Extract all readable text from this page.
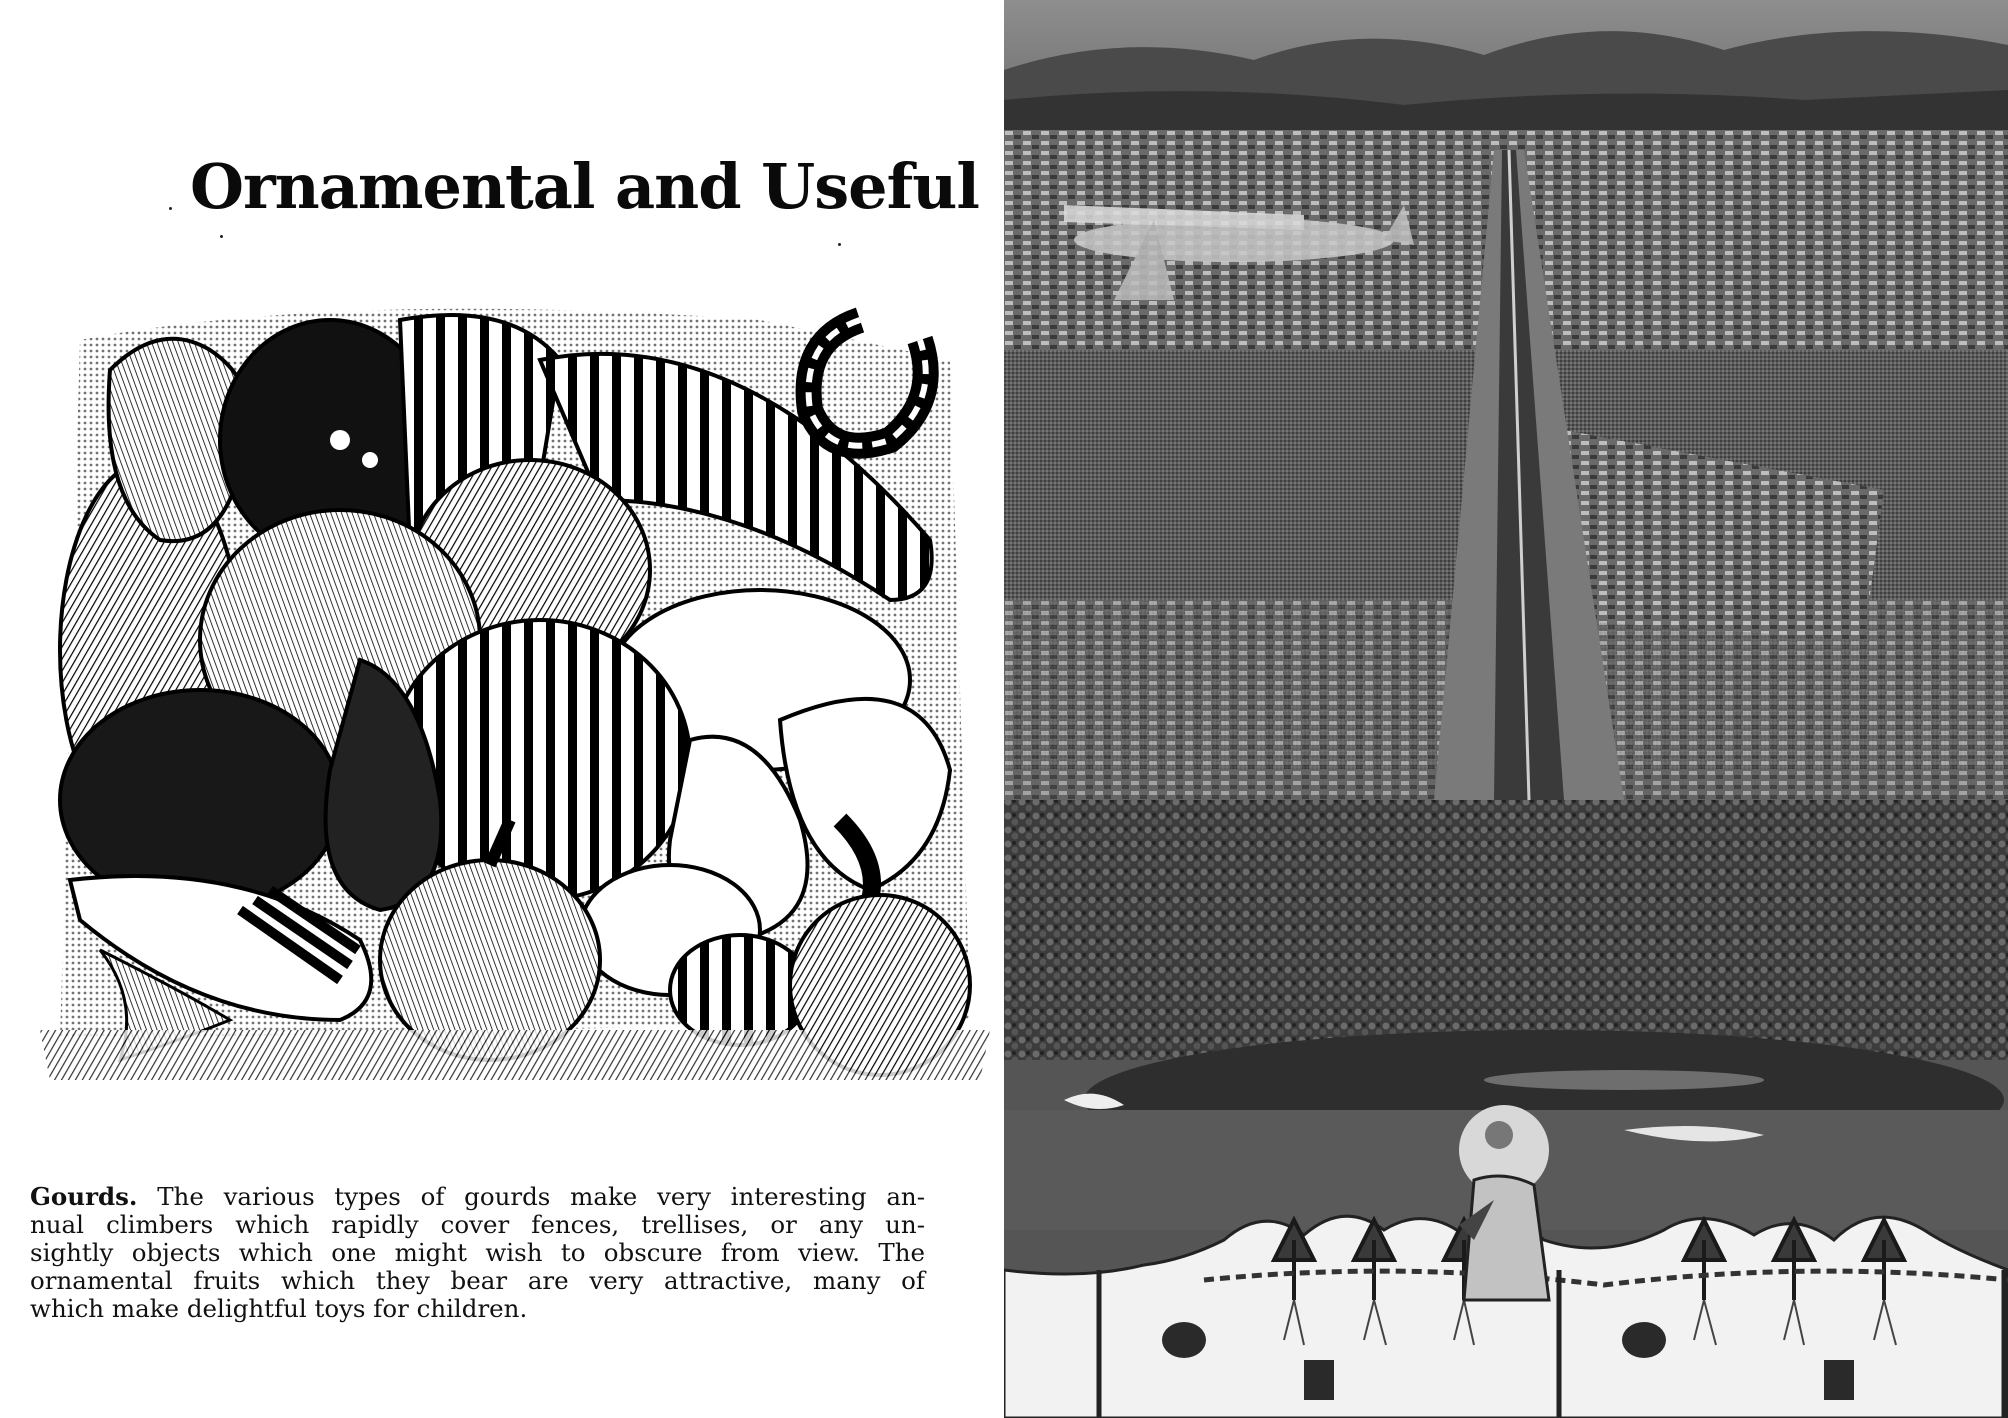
Ornamental and Useful
Gourds. The various types of gourds make very interesting an-
nual climbers which rapidly cover fences, trellises, or any un-
sightly objects which one might wish to obscure from view. The
ornamental fruits which they bear are very attractive, many of
which make delightful toys for children.
